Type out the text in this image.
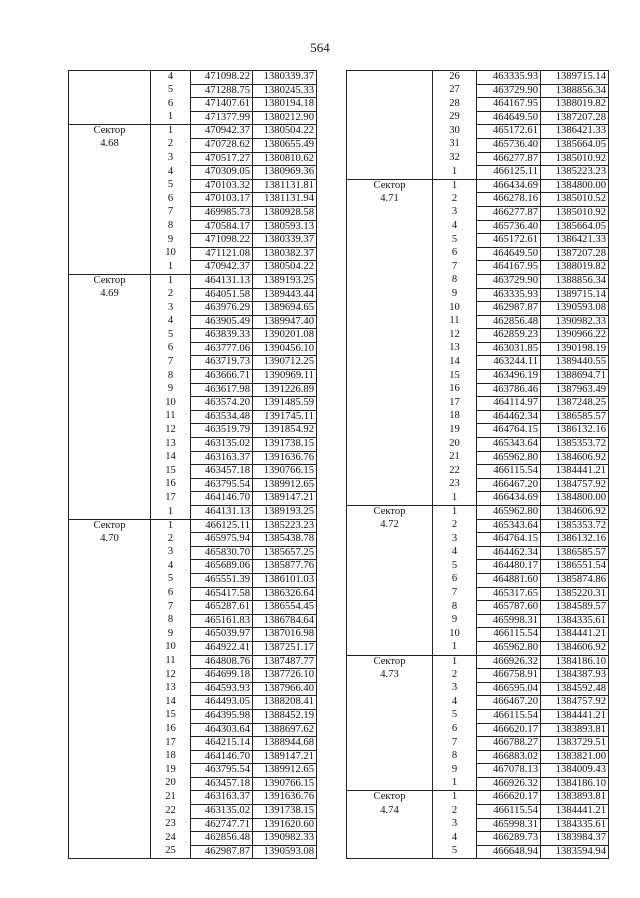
564
	4	471098.22	1380339.37
	5	471288.75	1380245.33
	6	471407.61	1380194.18
	1	471377.99	1380212.90
Сектор	1	470942.37	1380504.22
4.68	2	470728.62	1380655.49
	3	470517.27	1380810.62
	4	470309.05	1380969.36
	5	470103.32	1381131.81
	6	470103.17	1381131.94
	7	469985.73	1380928.58
	8	470584.17	1380593.13
	9	471098.22	1380339.37
	10	471121.08	1380382.37
	1	470942.37	1380504.22
Сектор	1	464131.13	1389193.25
4.69	2	464051.58	1389443.44
	3	463976.29	1389694.65
	4	463905.49	1389947.40
	5	463839.33	1390201.08
	6	463777.06	1390456.10
	7	463719.73	1390712.25
	8	463666.71	1390969.11
	9	463617.98	1391226.89
	10	463574.20	1391485.59
	11	463534.48	1391745.11
	12	463519.79	1391854.92
	13	463135.02	1391738.15
	14	463163.37	1391636.76
	15	463457.18	1390766.15
	16	463795.54	1389912.65
	17	464146.70	1389147.21
	1	464131.13	1389193.25
Сектор	1	466125.11	1385223.23
4.70	2	465975.94	1385438.78
	3	465830.70	1385657.25
	4	465689.06	1385877.76
	5	465551.39	1386101.03
	6	465417.58	1386326.64
	7	465287.61	1386554.45
	8	465161.83	1386784.64
	9	465039.97	1387016.98
	10	464922.41	1387251.17
	11	464808.76	1387487.77
	12	464699.18	1387726.10
	13	464593.93	1387966.40
	14	464493.05	1388208.41
	15	464395.98	1388452.19
	16	464303.64	1388697.62
	17	464215.14	1388944.68
	18	464146.70	1389147.21
	19	463795.54	1389912.65
	20	463457.18	1390766.15
	21	463163.37	1391636.76
	22	463135.02	1391738.15
	23	462747.71	1391620.60
	24	462856.48	1390982.33
	25	462987.87	1390593.08
	26	463335.93	1389715.14
	27	463729.90	1388856.34
	28	464167.95	1388019.82
	29	464649.50	1387207.28
	30	465172.61	1386421.33
	31	465736.40	1385664.05
	32	466277.87	1385010.92
	1	466125.11	1385223.23
Сектор	1	466434.69	1384800.00
4.71	2	466278.16	1385010.52
	3	466277.87	1385010.92
	4	465736.40	1385664.05
	5	465172.61	1386421.33
	6	464649.50	1387207.28
	7	464167.95	1388019.82
	8	463729.90	1388856.34
	9	463335.93	1389715.14
	10	462987.87	1390593.08
	11	462856.48	1390982.33
	12	462859.23	1390966.22
	13	463031.85	1390198.19
	14	463244.11	1389440.55
	15	463496.19	1388694.71
	16	463786.46	1387963.49
	17	464114.97	1387248.25
	18	464462.34	1386585.57
	19	464764.15	1386132.16
	20	465343.64	1385353.72
	21	465962.80	1384606.92
	22	466115.54	1384441.21
	23	466467.20	1384757.92
	1	466434.69	1384800.00
Сектор	1	465962.80	1384606.92
4.72	2	465343.64	1385353.72
	3	464764.15	1386132.16
	4	464462.34	1386585.57
	5	464480.17	1386551.54
	6	464881.60	1385874.86
	7	465317.65	1385220.31
	8	465787.60	1384589.57
	9	465998.31	1384335.61
	10	466115.54	1384441.21
	1	465962.80	1384606.92
Сектор	1	466926.32	1384186.10
4.73	2	466758.91	1384387.93
	3	466595.04	1384592.48
	4	466467.20	1384757.92
	5	466115.54	1384441.21
	6	466620.17	1383893.81
	7	466788.27	1383729.51
	8	466883.02	1383821.00
	9	467078.13	1384009.43
	1	466926.32	1384186.10
Сектор	1	466620.17	1383893.81
4.74	2	466115.54	1384441.21
	3	465998.31	1384335.61
	4	466289.73	1383984.37
	5	466648.94	1383594.94
